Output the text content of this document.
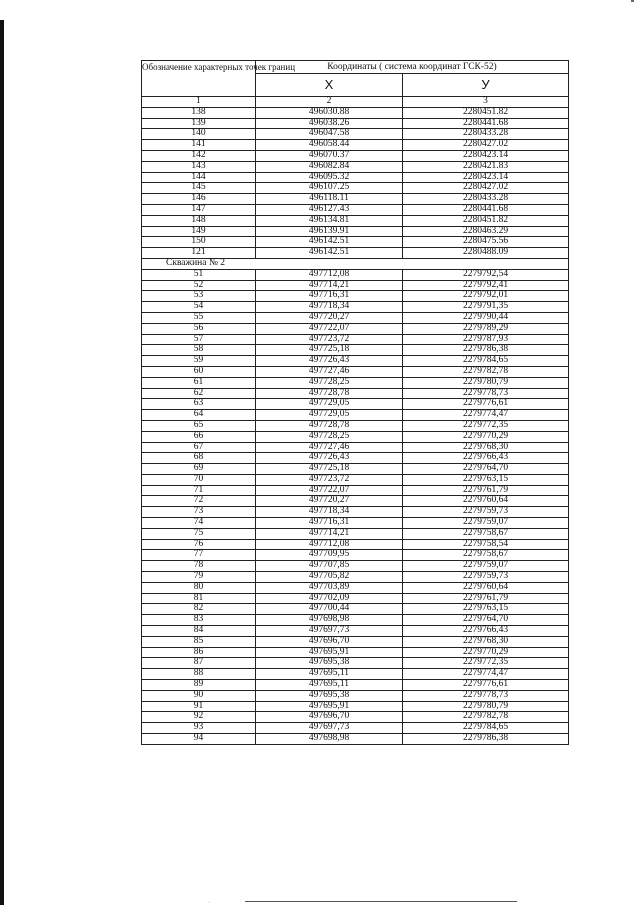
Обозначение характерных точек границ	Координаты ( система координат ГСК-52)	
	Х	У
1	2	3
138	496030.88	2280451.82
139	496038.26	2280441.68
140	496047.58	2280433.28
141	496058.44	2280427.02
142	496070.37	2280423.14
143	496082.84	2280421.83
144	496095.32	2280423.14
145	496107.25	2280427.02
146	496118.11	2280433.28
147	496127.43	2280441.68
148	496134.81	2280451.82
149	496139.91	2280463.29
150	496142.51	2280475.56
121	496142.51	2280488.09
Скважина № 2		
51	497712,08	2279792,54
52	497714,21	2279792,41
53	497716,31	2279792,01
54	497718,34	2279791,35
55	497720,27	2279790,44
56	497722,07	2279789,29
57	497723,72	2279787,93
58	497725,18	2279786,38
59	497726,43	2279784,65
60	497727,46	2279782,78
61	497728,25	2279780,79
62	497728,78	2279778,73
63	497729,05	2279776,61
64	497729,05	2279774,47
65	497728,78	2279772,35
66	497728,25	2279770,29
67	497727,46	2279768,30
68	497726,43	2279766,43
69	497725,18	2279764,70
70	497723,72	2279763,15
71	497722,07	2279761,79
72	497720,27	2279760,64
73	497718,34	2279759,73
74	497716,31	2279759,07
75	497714,21	2279758,67
76	497712,08	2279758,54
77	497709,95	2279758,67
78	497707,85	2279759,07
79	497705,82	2279759,73
80	497703,89	2279760,64
81	497702,09	2279761,79
82	497700,44	2279763,15
83	497698,98	2279764,70
84	497697,73	2279766,43
85	497696,70	2279768,30
86	497695,91	2279770,29
87	497695,38	2279772,35
88	497695,11	2279774,47
89	497695,11	2279776,61
90	497695,38	2279778,73
91	497695,91	2279780,79
92	497696,70	2279782,78
93	497697,73	2279784,65
94	497698,98	2279786,38
·
